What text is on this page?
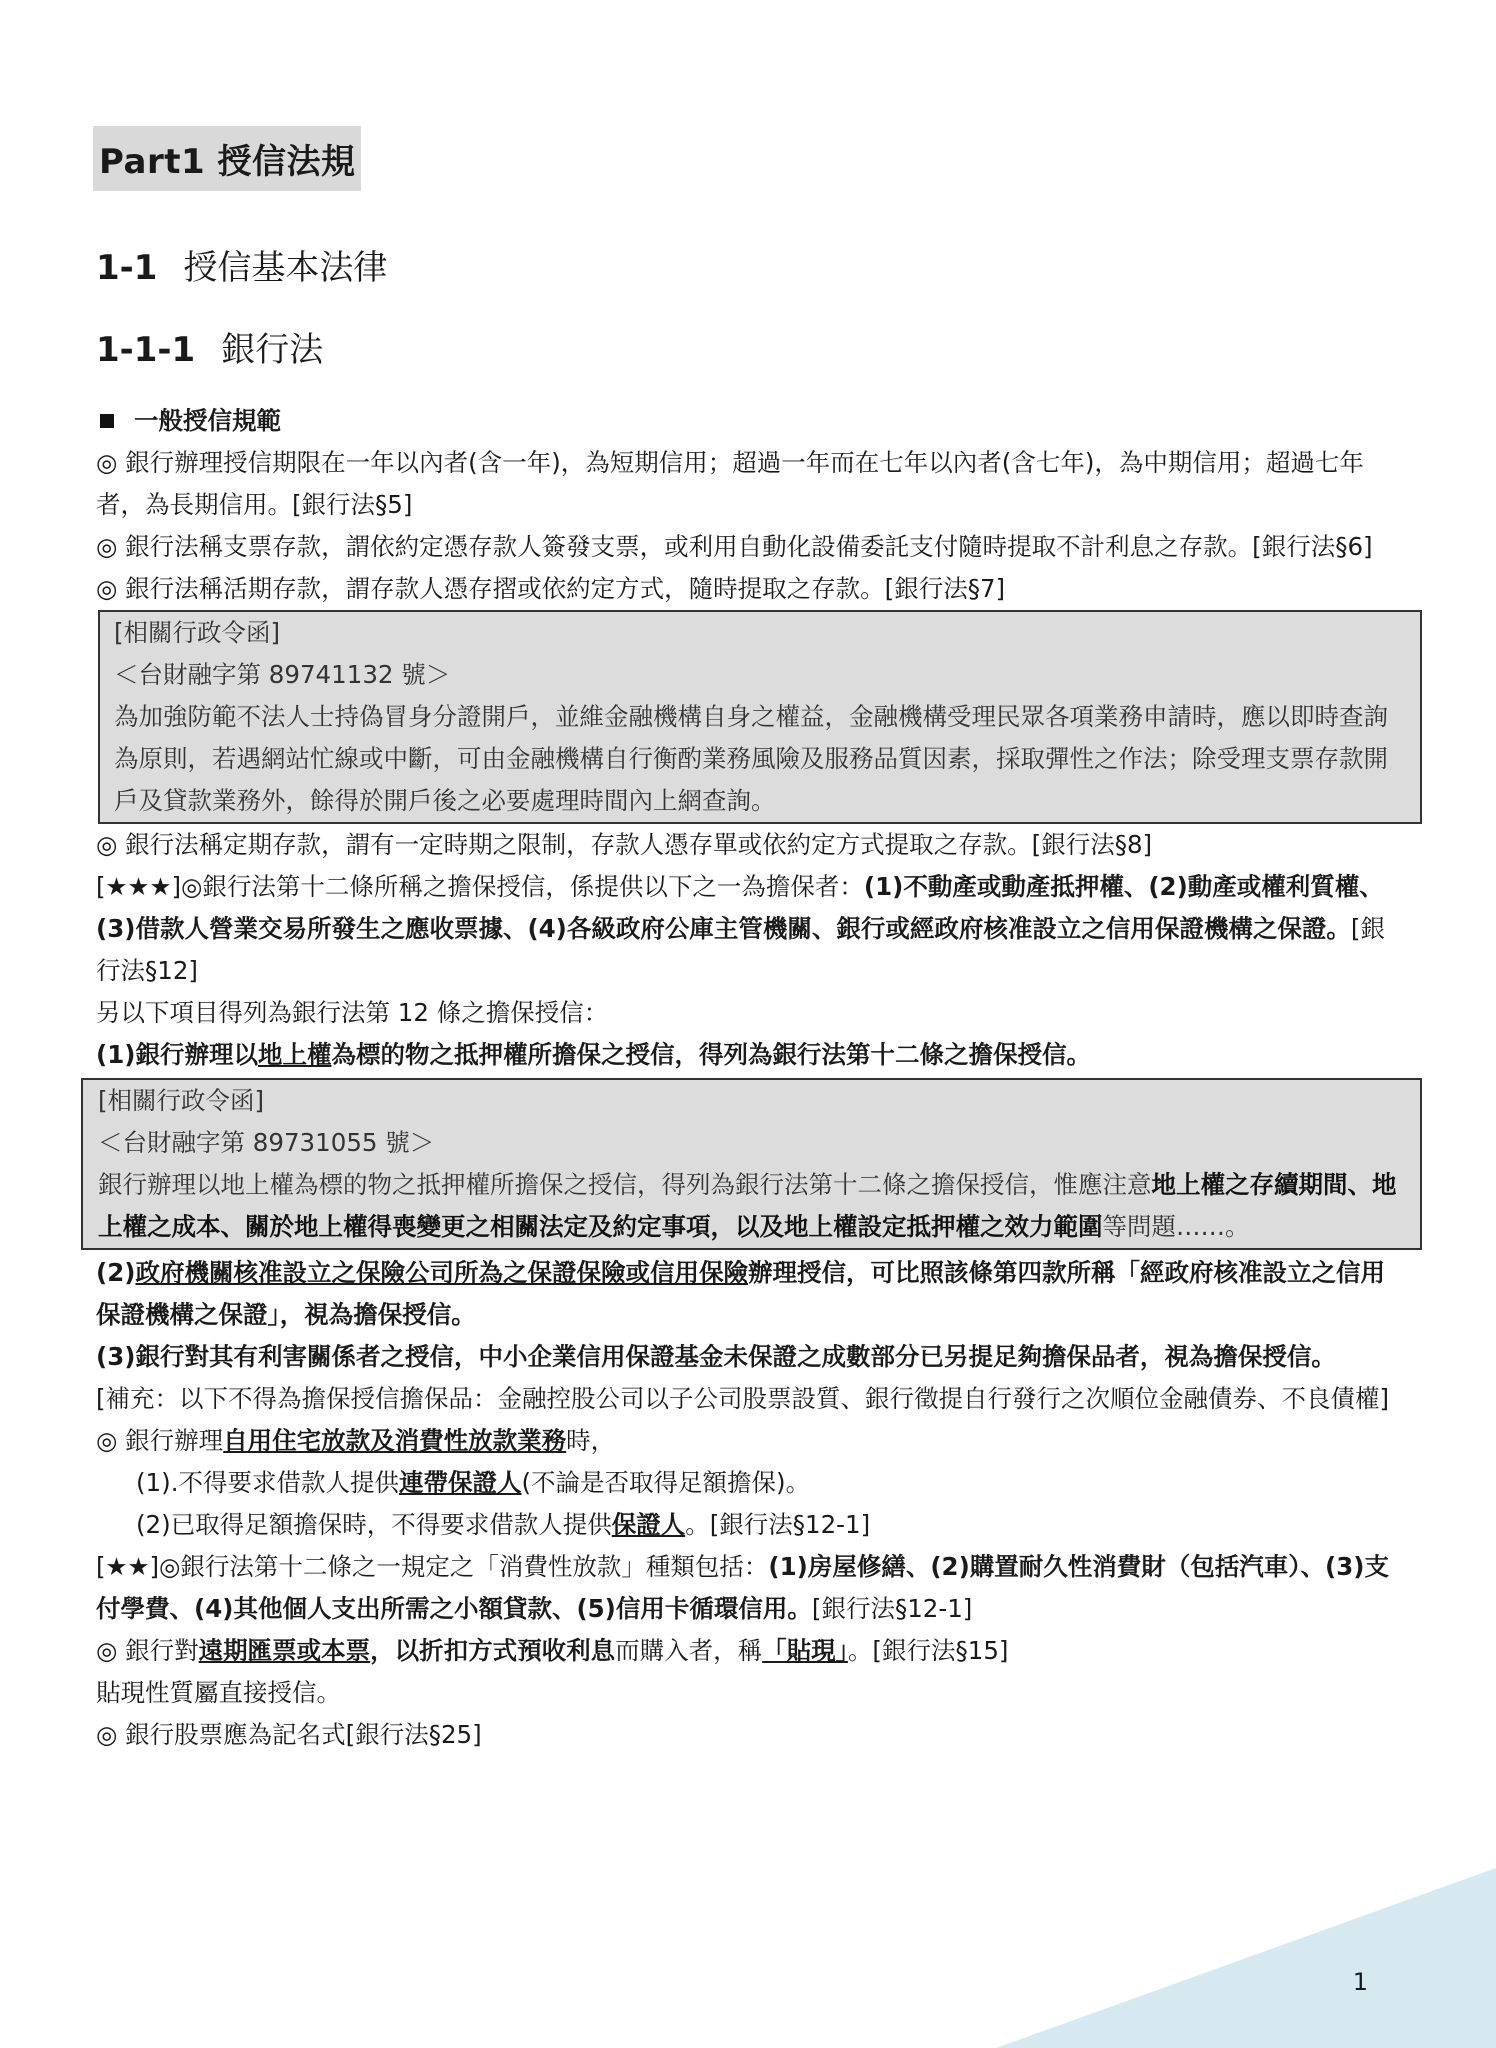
Part1 授信法規
1-1 授信基本法律
1-1-1 銀行法

一般授信規範

◎ 銀行辦理授信期限在一年以內者(含一年)，為短期信用；超過一年而在七年以內者(含七年)，為中期信用；超過七年者，為長期信用。[銀行法§5]

◎ 銀行法稱支票存款，謂依約定憑存款人簽發支票，或利用自動化設備委託支付隨時提取不計利息之存款。[銀行法§6]

◎ 銀行法稱活期存款，謂存款人憑存摺或依約定方式，隨時提取之存款。[銀行法§7]

[相關行政令函]

＜台財融字第 89741132 號＞

為加強防範不法人士持偽冒身分證開戶，並維金融機構自身之權益，金融機構受理民眾各項業務申請時，應以即時查詢為原則，若遇網站忙線或中斷，可由金融機構自行衡酌業務風險及服務品質因素，採取彈性之作法；除受理支票存款開戶及貸款業務外，餘得於開戶後之必要處理時間內上網查詢。

◎ 銀行法稱定期存款，謂有一定時期之限制，存款人憑存單或依約定方式提取之存款。[銀行法§8]

[★★★]◎銀行法第十二條所稱之擔保授信，係提供以下之一為擔保者：(1)不動產或動產抵押權、(2)動產或權利質權、(3)借款人營業交易所發生之應收票據、(4)各級政府公庫主管機關、銀行或經政府核准設立之信用保證機構之保證。[銀行法§12]

另以下項目得列為銀行法第 12 條之擔保授信：

(1)銀行辦理以地上權為標的物之抵押權所擔保之授信，得列為銀行法第十二條之擔保授信。

[相關行政令函]

＜台財融字第 89731055 號＞

銀行辦理以地上權為標的物之抵押權所擔保之授信，得列為銀行法第十二條之擔保授信，惟應注意地上權之存續期間、地上權之成本、關於地上權得喪變更之相關法定及約定事項，以及地上權設定抵押權之效力範圍等問題……。

(2)政府機關核准設立之保險公司所為之保證保險或信用保險辦理授信，可比照該條第四款所稱「經政府核准設立之信用保證機構之保證」，視為擔保授信。

(3)銀行對其有利害關係者之授信，中小企業信用保證基金未保證之成數部分已另提足夠擔保品者，視為擔保授信。

[補充：以下不得為擔保授信擔保品：金融控股公司以子公司股票設質、銀行徵提自行發行之次順位金融債券、不良債權]

◎ 銀行辦理自用住宅放款及消費性放款業務時，

(1).不得要求借款人提供連帶保證人(不論是否取得足額擔保)。

(2)已取得足額擔保時，不得要求借款人提供保證人。[銀行法§12-1]

[★★]◎銀行法第十二條之一規定之「消費性放款」種類包括：(1)房屋修繕、(2)購置耐久性消費財（包括汽車）、(3)支付學費、(4)其他個人支出所需之小額貸款、(5)信用卡循環信用。[銀行法§12-1]

◎ 銀行對遠期匯票或本票，以折扣方式預收利息而購入者，稱「貼現」。[銀行法§15]

貼現性質屬直接授信。

◎ 銀行股票應為記名式[銀行法§25]

1
